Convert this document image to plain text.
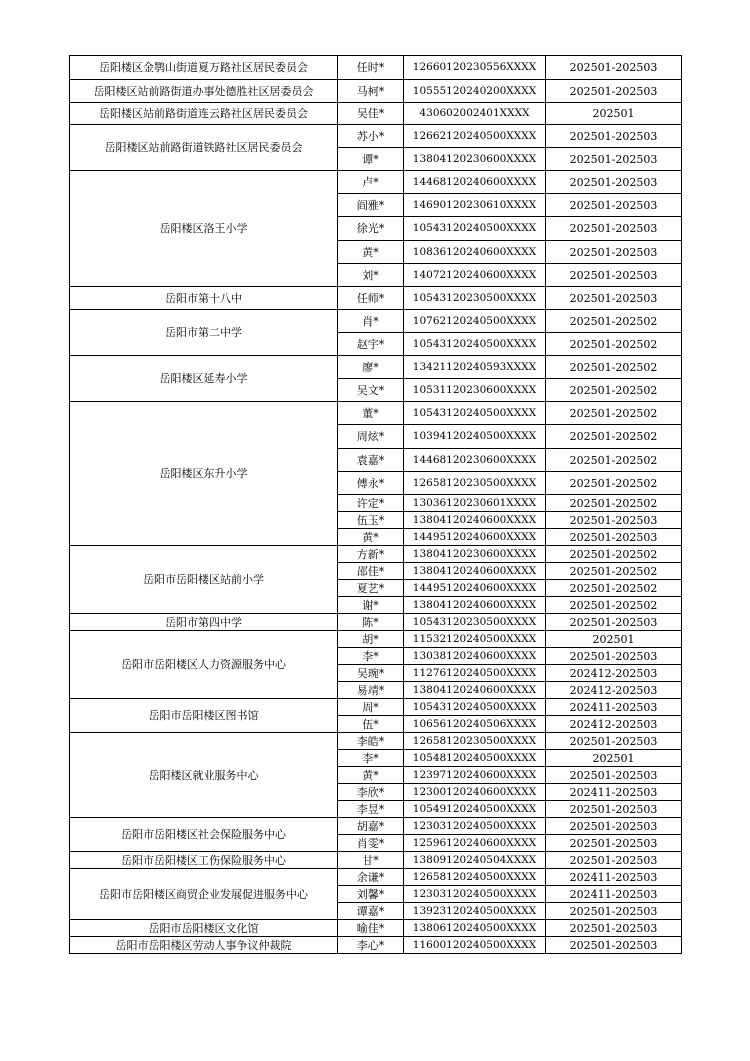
岳阳楼区金鹗山街道夏万路社区居民委员会	任时*	12660120230556XXXX	202501-202503
岳阳楼区站前路街道办事处德胜社区居委员会	马柯*	10555120240200XXXX	202501-202503
岳阳楼区站前路街道连云路社区居民委员会	吴佳*	430602002401XXXX	202501
岳阳楼区站前路街道铁路社区居民委员会	苏小*	12662120240500XXXX	202501-202503
	谭*	13804120230600XXXX	202501-202503
岳阳楼区洛王小学	卢*	14468120240600XXXX	202501-202503
	阎雅*	14690120230610XXXX	202501-202503
	徐光*	10543120240500XXXX	202501-202503
	黄*	10836120240600XXXX	202501-202503
	刘*	14072120240600XXXX	202501-202503
岳阳市第十八中	任师*	10543120230500XXXX	202501-202503
岳阳市第二中学	肖*	10762120240500XXXX	202501-202502
	赵宇*	10543120240500XXXX	202501-202502
岳阳楼区延寿小学	廖*	13421120240593XXXX	202501-202502
	吴文*	10531120230600XXXX	202501-202502
岳阳楼区东升小学	董*	10543120240500XXXX	202501-202502
	周炫*	10394120240500XXXX	202501-202502
	袁嘉*	14468120230600XXXX	202501-202502
	傅永*	12658120230500XXXX	202501-202502
	许定*	13036120230601XXXX	202501-202502
	伍玉*	13804120240600XXXX	202501-202503
	黄*	14495120240600XXXX	202501-202503
岳阳市岳阳楼区站前小学	方新*	13804120230600XXXX	202501-202502
	邵佳*	13804120240600XXXX	202501-202502
	夏艺*	14495120240600XXXX	202501-202502
	谢*	13804120240600XXXX	202501-202502
岳阳市第四中学	陈*	10543120230500XXXX	202501-202503
岳阳市岳阳楼区人力资源服务中心	胡*	11532120240500XXXX	202501
	李*	13038120240600XXXX	202501-202503
	吴琬*	11276120240500XXXX	202412-202503
	易靖*	13804120240600XXXX	202412-202503
岳阳市岳阳楼区图书馆	周*	10543120240500XXXX	202411-202503
	伍*	10656120240506XXXX	202412-202503
岳阳楼区就业服务中心	李皓*	12658120230500XXXX	202501-202503
	李*	10548120240500XXXX	202501
	黄*	12397120240600XXXX	202501-202503
	李欣*	12300120240600XXXX	202411-202503
	李昱*	10549120240500XXXX	202501-202503
岳阳市岳阳楼区社会保险服务中心	胡嘉*	12303120240500XXXX	202501-202503
	肖雯*	12596120240600XXXX	202501-202503
岳阳市岳阳楼区工伤保险服务中心	甘*	13809120240504XXXX	202501-202503
岳阳市岳阳楼区商贸企业发展促进服务中心	余谦*	12658120240500XXXX	202411-202503
	刘馨*	12303120240500XXXX	202411-202503
	谭嘉*	13923120240500XXXX	202501-202503
岳阳市岳阳楼区文化馆	喻佳*	13806120240500XXXX	202501-202503
岳阳市岳阳楼区劳动人事争议仲裁院	李心*	11600120240500XXXX	202501-202503
